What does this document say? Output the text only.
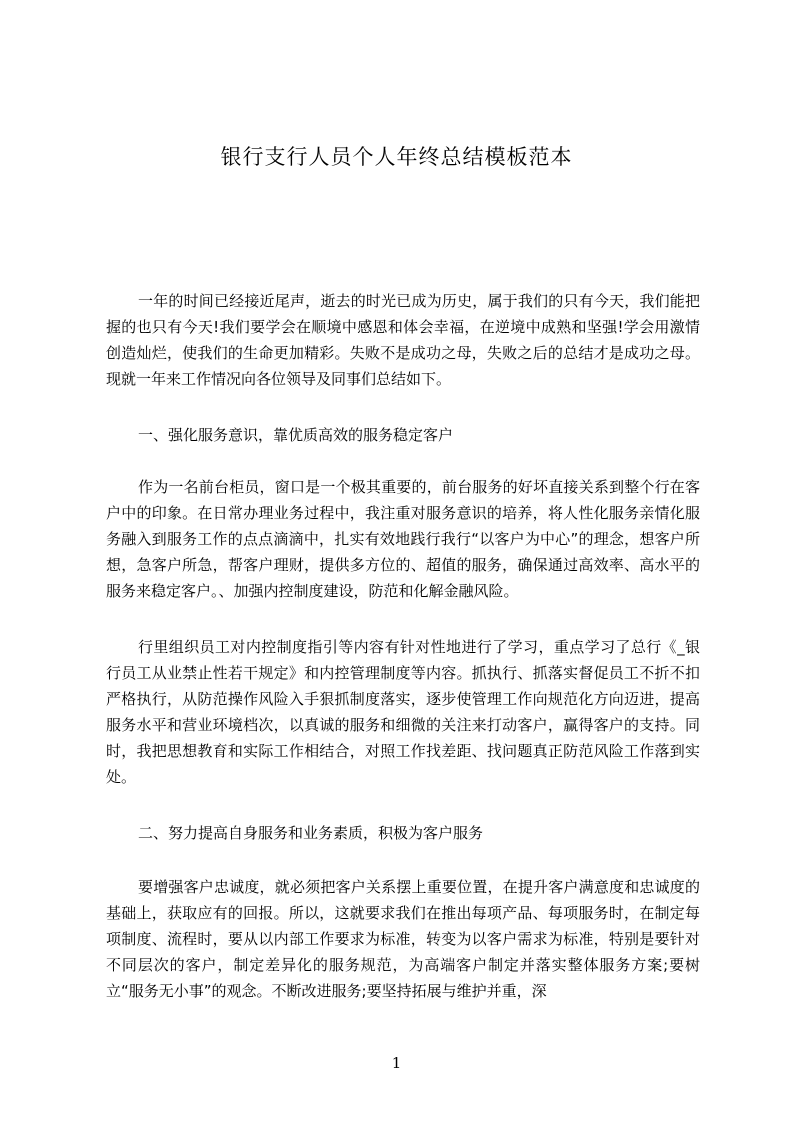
银行支行人员个人年终总结模板范本

一年的时间已经接近尾声，逝去的时光已成为历史，属于我们的只有今天，我们能把握的也只有今天!我们要学会在顺境中感恩和体会幸福，在逆境中成熟和坚强!学会用激情创造灿烂，使我们的生命更加精彩。失败不是成功之母，失败之后的总结才是成功之母。现就一年来工作情况向各位领导及同事们总结如下。

一、强化服务意识，靠优质高效的服务稳定客户

作为一名前台柜员，窗口是一个极其重要的，前台服务的好坏直接关系到整个行在客户中的印象。在日常办理业务过程中，我注重对服务意识的培养，将人性化服务亲情化服务融入到服务工作的点点滴滴中，扎实有效地践行我行“以客户为中心”的理念，想客户所想，急客户所急，帮客户理财，提供多方位的、超值的服务，确保通过高效率、高水平的服务来稳定客户。、加强内控制度建设，防范和化解金融风险。

行里组织员工对内控制度指引等内容有针对性地进行了学习，重点学习了总行《_银行员工从业禁止性若干规定》和内控管理制度等内容。抓执行、抓落实督促员工不折不扣严格执行，从防范操作风险入手狠抓制度落实，逐步使管理工作向规范化方向迈进，提高服务水平和营业环境档次，以真诚的服务和细微的关注来打动客户，赢得客户的支持。同时，我把思想教育和实际工作相结合，对照工作找差距、找问题真正防范风险工作落到实处。

二、努力提高自身服务和业务素质，积极为客户服务

要增强客户忠诚度，就必须把客户关系摆上重要位置，在提升客户满意度和忠诚度的基础上，获取应有的回报。所以，这就要求我们在推出每项产品、每项服务时，在制定每项制度、流程时，要从以内部工作要求为标准，转变为以客户需求为标准，特别是要针对不同层次的客户，制定差异化的服务规范，为高端客户制定并落实整体服务方案;要树立“服务无小事”的观念。不断改进服务;要坚持拓展与维护并重，深

1
